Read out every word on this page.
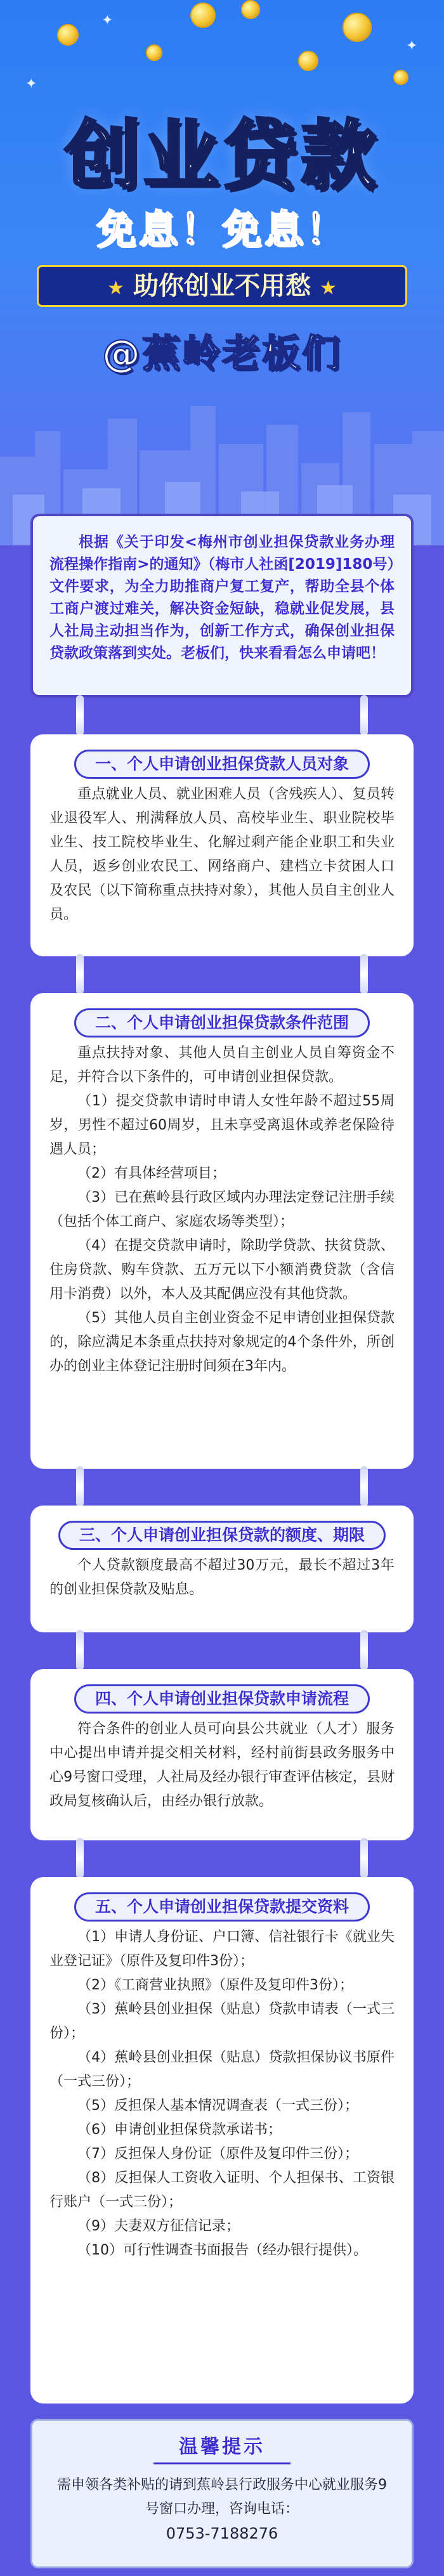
✦
✦
✦
创业贷款
免息！免息！
★ 助你创业不用愁 ★
@蕉岭老板们

根据《关于印发<梅州市创业担保贷款业务办理流程操作指南>的通知》（梅市人社函[2019]180号）文件要求，为全力助推商户复工复产，帮助全县个体工商户渡过难关，解决资金短缺，稳就业促发展，县人社局主动担当作为，创新工作方式，确保创业担保贷款政策落到实处。老板们，快来看看怎么申请吧！

一、个人申请创业担保贷款人员对象

重点就业人员、就业困难人员（含残疾人）、复员转业退役军人、刑满释放人员、高校毕业生、职业院校毕业生、技工院校毕业生、化解过剩产能企业职工和失业人员，返乡创业农民工、网络商户、建档立卡贫困人口及农民（以下简称重点扶持对象），其他人员自主创业人员。

二、个人申请创业担保贷款条件范围

重点扶持对象、其他人员自主创业人员自筹资金不足，并符合以下条件的，可申请创业担保贷款。

（1）提交贷款申请时申请人女性年龄不超过55周岁，男性不超过60周岁，且未享受离退休或养老保险待遇人员；

（2）有具体经营项目；

（3）已在蕉岭县行政区域内办理法定登记注册手续（包括个体工商户、家庭农场等类型）；

（4）在提交贷款申请时，除助学贷款、扶贫贷款、住房贷款、购车贷款、五万元以下小额消费贷款（含信用卡消费）以外，本人及其配偶应没有其他贷款。

（5）其他人员自主创业资金不足申请创业担保贷款的，除应满足本条重点扶持对象规定的4个条件外，所创办的创业主体登记注册时间须在3年内。

三、个人申请创业担保贷款的额度、期限

个人贷款额度最高不超过30万元，最长不超过3年的创业担保贷款及贴息。

四、个人申请创业担保贷款申请流程

符合条件的创业人员可向县公共就业（人才）服务中心提出申请并提交相关材料，经村前街县政务服务中心9号窗口受理，人社局及经办银行审查评估核定，县财政局复核确认后，由经办银行放款。

五、个人申请创业担保贷款提交资料

（1）申请人身份证、户口簿、信社银行卡《就业失业登记证》（原件及复印件3份）；

（2）《工商营业执照》（原件及复印件3份）；

（3）蕉岭县创业担保（贴息）贷款申请表（一式三份）；

（4）蕉岭县创业担保（贴息）贷款担保协议书原件（一式三份）；

（5）反担保人基本情况调查表（一式三份）；

（6）申请创业担保贷款承诺书；

（7）反担保人身份证（原件及复印件三份）；

（8）反担保人工资收入证明、个人担保书、工资银行账户（一式三份）；

（9）夫妻双方征信记录；

（10）可行性调查书面报告（经办银行提供）。

温馨提示
需申领各类补贴的请到蕉岭县行政服务中心就业服务9号窗口办理，咨询电话：
0753-7188276
